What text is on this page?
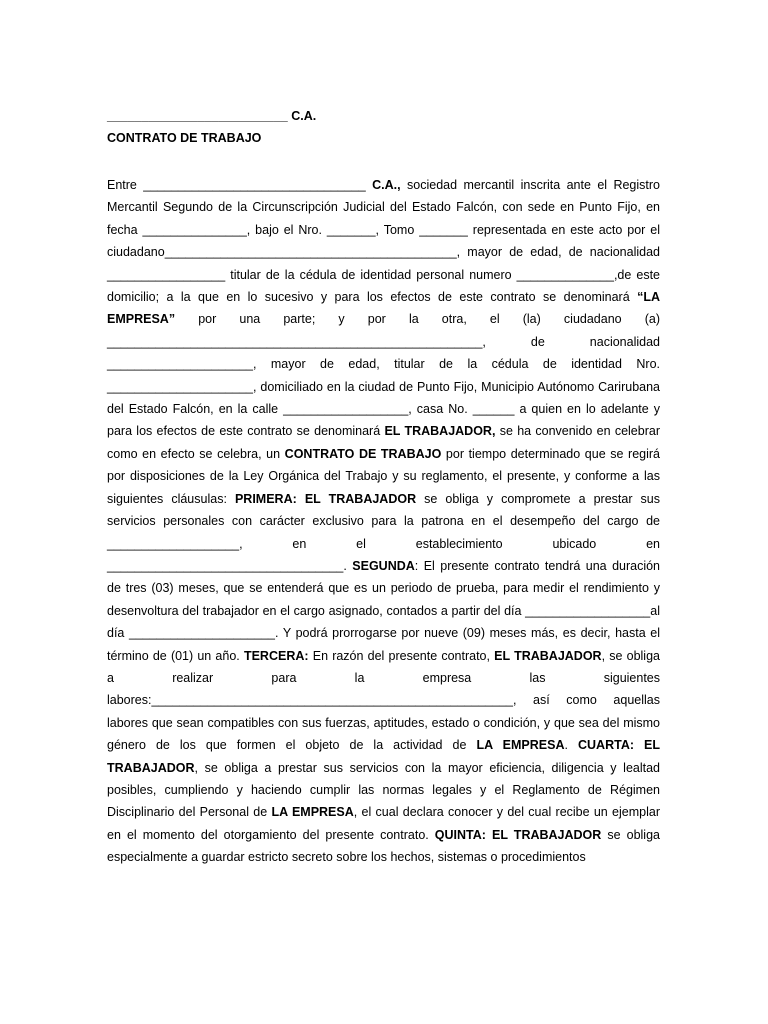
__________________________ C.A.
CONTRATO DE TRABAJO
Entre ________________________________ C.A., sociedad mercantil inscrita ante el Registro Mercantil Segundo de la Circunscripción Judicial del Estado Falcón, con sede en Punto Fijo, en fecha _______________, bajo el Nro. _______, Tomo _______ representada en este acto por el ciudadano__________________________________________, mayor de edad, de nacionalidad _________________ titular de la cédula de identidad personal numero ______________,de este domicilio; a la que en lo sucesivo y para los efectos de este contrato se denominará “LA EMPRESA” por una parte; y por la otra, el (la) ciudadano (a) ______________________________________________________, de nacionalidad _____________________, mayor de edad, titular de la cédula de identidad Nro. _____________________, domiciliado en la ciudad de Punto Fijo, Municipio Autónomo Carirubana del Estado Falcón, en la calle __________________, casa No. ______ a quien en lo adelante y para los efectos de este contrato se denominará EL TRABAJADOR, se ha convenido en celebrar como en efecto se celebra, un CONTRATO DE TRABAJO por tiempo determinado que se regirá por disposiciones de la Ley Orgánica del Trabajo y su reglamento, el presente, y conforme a las siguientes cláusulas: PRIMERA: EL TRABAJADOR se obliga y compromete a prestar sus servicios personales con carácter exclusivo para la patrona en el desempeño del cargo de ___________________, en el establecimiento ubicado en __________________________________. SEGUNDA: El presente contrato tendrá una duración de tres (03) meses, que se entenderá que es un periodo de prueba, para medir el rendimiento y desenvoltura del trabajador en el cargo asignado, contados a partir del día __________________al día _____________________. Y podrá prorrogarse por nueve (09) meses más, es decir, hasta el término de (01) un año. TERCERA: En razón del presente contrato, EL TRABAJADOR, se obliga a realizar para la empresa las siguientes labores:____________________________________________________, así como aquellas labores que sean compatibles con sus fuerzas, aptitudes, estado o condición, y que sea del mismo género de los que formen el objeto de la actividad de LA EMPRESA. CUARTA: EL TRABAJADOR, se obliga a prestar sus servicios con la mayor eficiencia, diligencia y lealtad posibles, cumpliendo y haciendo cumplir las normas legales y el Reglamento de Régimen Disciplinario del Personal de LA EMPRESA, el cual declara conocer y del cual recibe un ejemplar en el momento del otorgamiento del presente contrato. QUINTA: EL TRABAJADOR se obliga especialmente a guardar estricto secreto sobre los hechos, sistemas o procedimientos
